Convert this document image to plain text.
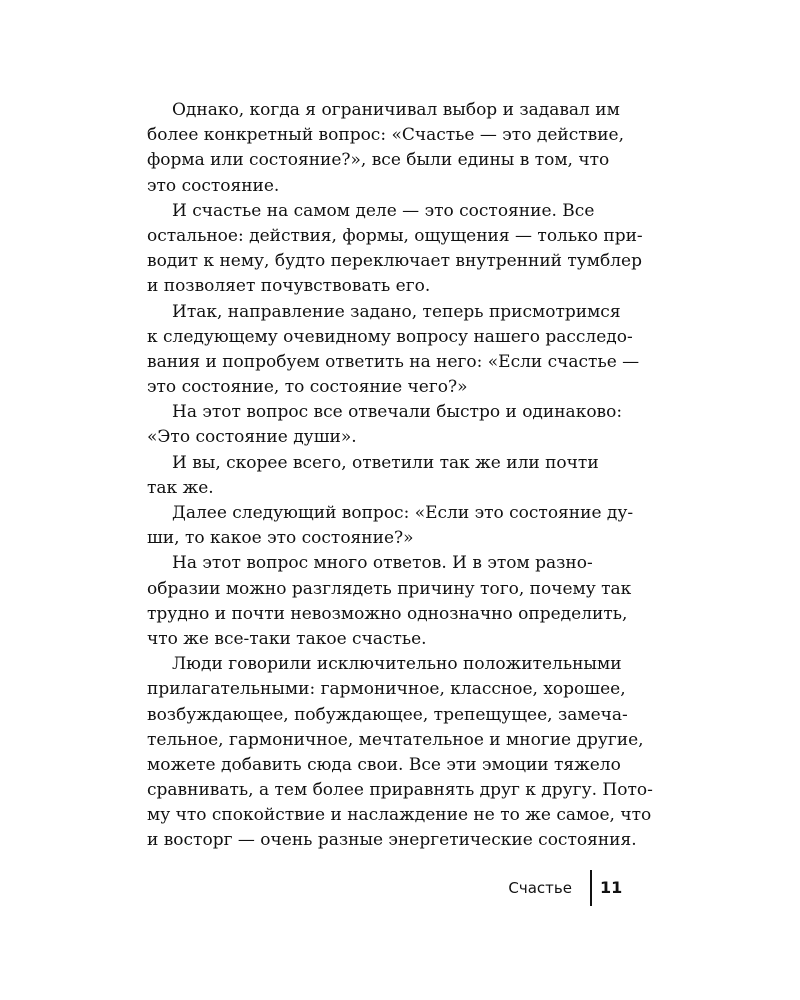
Однако, когда я ограничивал выбор и задавал им
более конкретный вопрос: «Счастье — это действие,
форма или состояние?», все были едины в том, что
это состояние.
И счастье на самом деле — это состояние. Все
остальное: действия, формы, ощущения — только при-
водит к нему, будто переключает внутренний тумблер
и позволяет почувствовать его.
Итак, направление задано, теперь присмотримся
к следующему очевидному вопросу нашего расследо-
вания и попробуем ответить на него: «Если счастье —
это состояние, то состояние чего?»
На этот вопрос все отвечали быстро и одинаково:
«Это состояние души».
И вы, скорее всего, ответили так же или почти
так же.
Далее следующий вопрос: «Если это состояние ду-
ши, то какое это состояние?»
На этот вопрос много ответов. И в этом разно-
образии можно разглядеть причину того, почему так
трудно и почти невозможно однозначно определить,
что же все-таки такое счастье.
Люди говорили исключительно положительными
прилагательными: гармоничное, классное, хорошее,
возбуждающее, побуждающее, трепещущее, замеча-
тельное, гармоничное, мечтательное и многие другие,
можете добавить сюда свои. Все эти эмоции тяжело
сравнивать, а тем более приравнять друг к другу. Пото-
му что спокойствие и наслаждение не то же самое, что
и восторг — очень разные энергетические состояния.
Счастье 11
